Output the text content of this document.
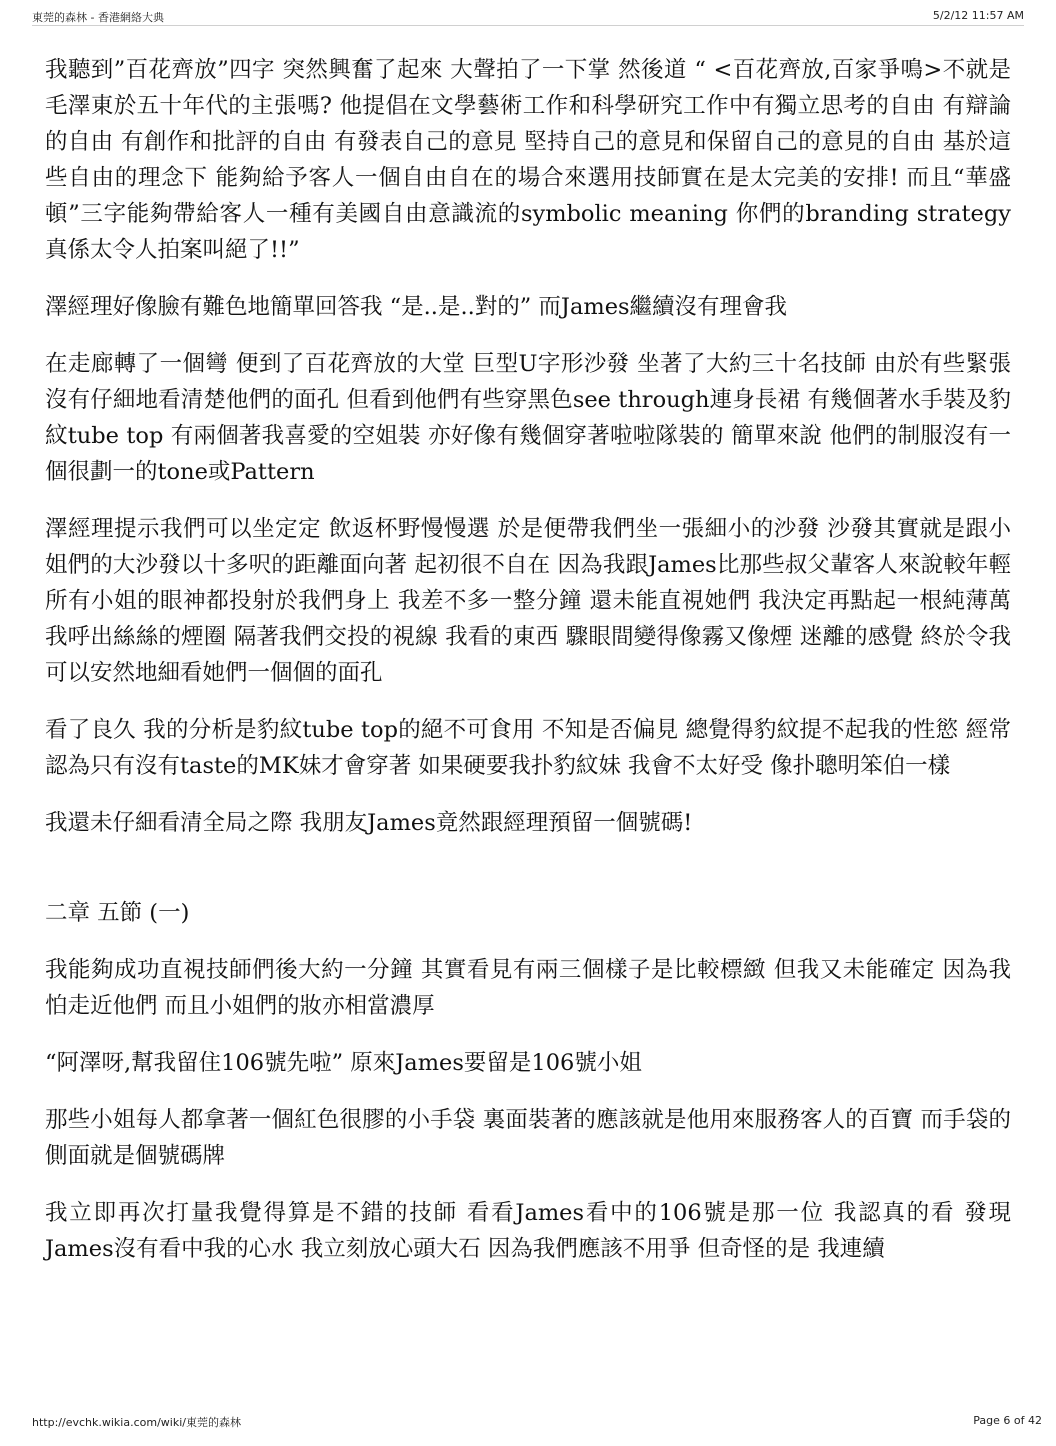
東莞的森林 - 香港網絡大典	5/2/12 11:57 AM

我聽到”百花齊放”四字 突然興奮了起來 大聲拍了一下掌 然後道 “ <百花齊放,百家爭鳴>不就是毛澤東於五十年代的主張嗎? 他提倡在文學藝術工作和科學研究工作中有獨立思考的自由 有辯論的自由 有創作和批評的自由 有發表自己的意見 堅持自己的意見和保留自己的意見的自由 基於這些自由的理念下 能夠給予客人一個自由自在的場合來選用技師實在是太完美的安排! 而且“華盛頓”三字能夠帶給客人一種有美國自由意識流的symbolic meaning 你們的branding strategy真係太令人拍案叫絕了!!”

澤經理好像臉有難色地簡單回答我 “是..是..對的” 而James繼續沒有理會我

在走廊轉了一個彎 便到了百花齊放的大堂 巨型U字形沙發 坐著了大約三十名技師 由於有些緊張 沒有仔細地看清楚他們的面孔 但看到他們有些穿黑色see through連身長裙 有幾個著水手裝及豹紋tube top 有兩個著我喜愛的空姐裝 亦好像有幾個穿著啦啦隊裝的 簡單來說 他們的制服沒有一個很劃一的tone或Pattern

澤經理提示我們可以坐定定 飲返杯野慢慢選 於是便帶我們坐一張細小的沙發 沙發其實就是跟小姐們的大沙發以十多呎的距離面向著 起初很不自在 因為我跟James比那些叔父輩客人來說較年輕 所有小姐的眼神都投射於我們身上 我差不多一整分鐘 還未能直視她們 我決定再點起一根純薄萬 我呼出絲絲的煙圈 隔著我們交投的視線 我看的東西 驟眼間變得像霧又像煙 迷離的感覺 終於令我可以安然地細看她們一個個的面孔

看了良久 我的分析是豹紋tube top的絕不可食用 不知是否偏見 總覺得豹紋提不起我的性慾 經常認為只有沒有taste的MK妹才會穿著 如果硬要我扑豹紋妹 我會不太好受 像扑聰明笨伯一樣

我還未仔細看清全局之際 我朋友James竟然跟經理預留一個號碼!

二章 五節 (一)

我能夠成功直視技師們後大約一分鐘 其實看見有兩三個樣子是比較標緻 但我又未能確定 因為我怕走近他們 而且小姐們的妝亦相當濃厚

“阿澤呀,幫我留住106號先啦” 原來James要留是106號小姐

那些小姐每人都拿著一個紅色很膠的小手袋 裏面裝著的應該就是他用來服務客人的百寶 而手袋的側面就是個號碼牌

我立即再次打量我覺得算是不錯的技師 看看James看中的106號是那一位 我認真的看 發現James沒有看中我的心水 我立刻放心頭大石 因為我們應該不用爭 但奇怪的是 我連續

http://evchk.wikia.com/wiki/東莞的森林	Page 6 of 42
